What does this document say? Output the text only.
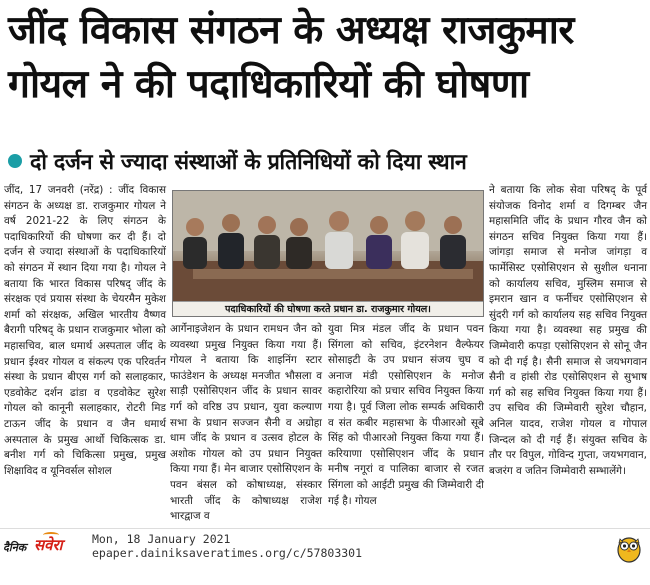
जींद विकास संगठन के अध्यक्ष राजकुमार
गोयल ने की पदाधिकारियों की घोषणा
दो दर्जन से ज्यादा संस्थाओं के प्रतिनिधियों को दिया स्थान

जींद, 17 जनवरी (नरेंद्र) : जींद विकास संगठन के अध्यक्ष डा. राजकुमार गोयल ने वर्ष 2021-22 के लिए संगठन के पदाधिकारियों की घोषणा कर दी हैं। दो दर्जन से ज्यादा संस्थाओं के पदाधिकारियों को संगठन में स्थान दिया गया है। गोयल ने बताया कि भारत विकास परिषद् जींद के संरक्षक एवं प्रयास संस्था के चेयरमैन मुकेश शर्मा को संरक्षक, अखिल भारतीय वैष्णव बैरागी परिषद् के प्रधान राजकुमार भोला को महासचिव, बाल धमार्थ अस्पताल जींद के प्रधान ईश्वर गोयल व संकल्प एक परिवर्तन संस्था के प्रधान बीएस गर्ग को सलाहकार, एडवोकेट दर्शन ढांडा व एडवोकेट सुरेश गोयल को कानूनी सलाहकार, रोटरी मिड टाऊन जींद के प्रधान व जैन धमार्थ अस्पताल के प्रमुख आर्थो चिकित्सक डा. बनीश गर्ग को चिकित्सा प्रमुख, प्रमुख शिक्षाविद व यूनिवर्सल सोशल

पदाधिकारियों की घोषणा करते प्रधान डा. राजकुमार गोयल।

आर्गेनाइजेशन के प्रधान रामधन जैन को व्यवस्था प्रमुख नियुक्त किया गया हैं। गोयल ने बताया कि शाइनिंग स्टार फाउंडेशन के अध्यक्ष मनजीत भौसला व साड़ी एसोसिएशन जींद के प्रधान सावर गर्ग को वरिष्ठ उप प्रधान, युवा कल्याण सभा के प्रधान सज्जन सैनी व अग्रोहा धाम जींद के प्रधान व उत्सव होटल के अशोक गोयल को उप प्रधान नियुक्त किया गया हैं। मेन बाजार एसोसिएशन के पवन बंसल को कोषाध्यक्ष, संस्कार भारती जींद के कोषाध्यक्ष राजेश भारद्वाज व

युवा मित्र मंडल जींद के प्रधान पवन सिंगला को सचिव, इंटरनेशन वैल्फेयर सोसाइटी के उप प्रधान संजय चुघ व अनाज मंडी एसोसिएशन के मनोज कहारोरिया को प्रचार सचिव नियुक्त किया गया है। पूर्व जिला लोक सम्पर्क अधिकारी व संत कबीर महासभा के पीआरओ सूबे सिंह को पीआरओ नियुक्त किया गया हैं। करियाणा एसोसिएशन जींद के प्रधान मनीष नगूरां व पालिका बाजार से रजत सिंगला को आईटी प्रमुख की जिम्मेवारी दी गई है। गोयल

ने बताया कि लोक सेवा परिषद् के पूर्व संयोजक विनोद शर्मा व दिगम्बर जैन महासमिति जींद के प्रधान गौरव जैन को संगठन सचिव नियुक्त किया गया हैं। जांगड़ा समाज से मनोज जांगड़ा व फार्मेसिस्ट एसोसिएशन से सुशील धनाना को कार्यालय सचिव, मुस्लिम समाज से इमरान खान व फर्नीचर एसोसिएशन से सुंदरी गर्ग को कार्यालय सह सचिव नियुक्त किया गया है। व्यवस्था सह प्रमुख की जिम्मेवारी कपड़ा एसोसिएशन से सोनू जैन को दी गई है। सैनी समाज से जयभगवान सैनी व हांसी रोड एसोसिएशन से सुभाष गर्ग को सह सचिव नियुक्त किया गया हैं। उप सचिव की जिम्मेवारी सुरेश चौहान, अनिल यादव, राजेश गोयल व गोपाल जिन्दल को दी गई हैं। संयुक्त सचिव के तौर पर विपुल, गोविन्द गुप्ता, जयभगवान, बजरंग व जतिन जिम्मेवारी सम्भालेंगे।

दैनिक सवेरा	Mon, 18 January 2021
epaper.dainiksaveratimes.org/c/57803301
